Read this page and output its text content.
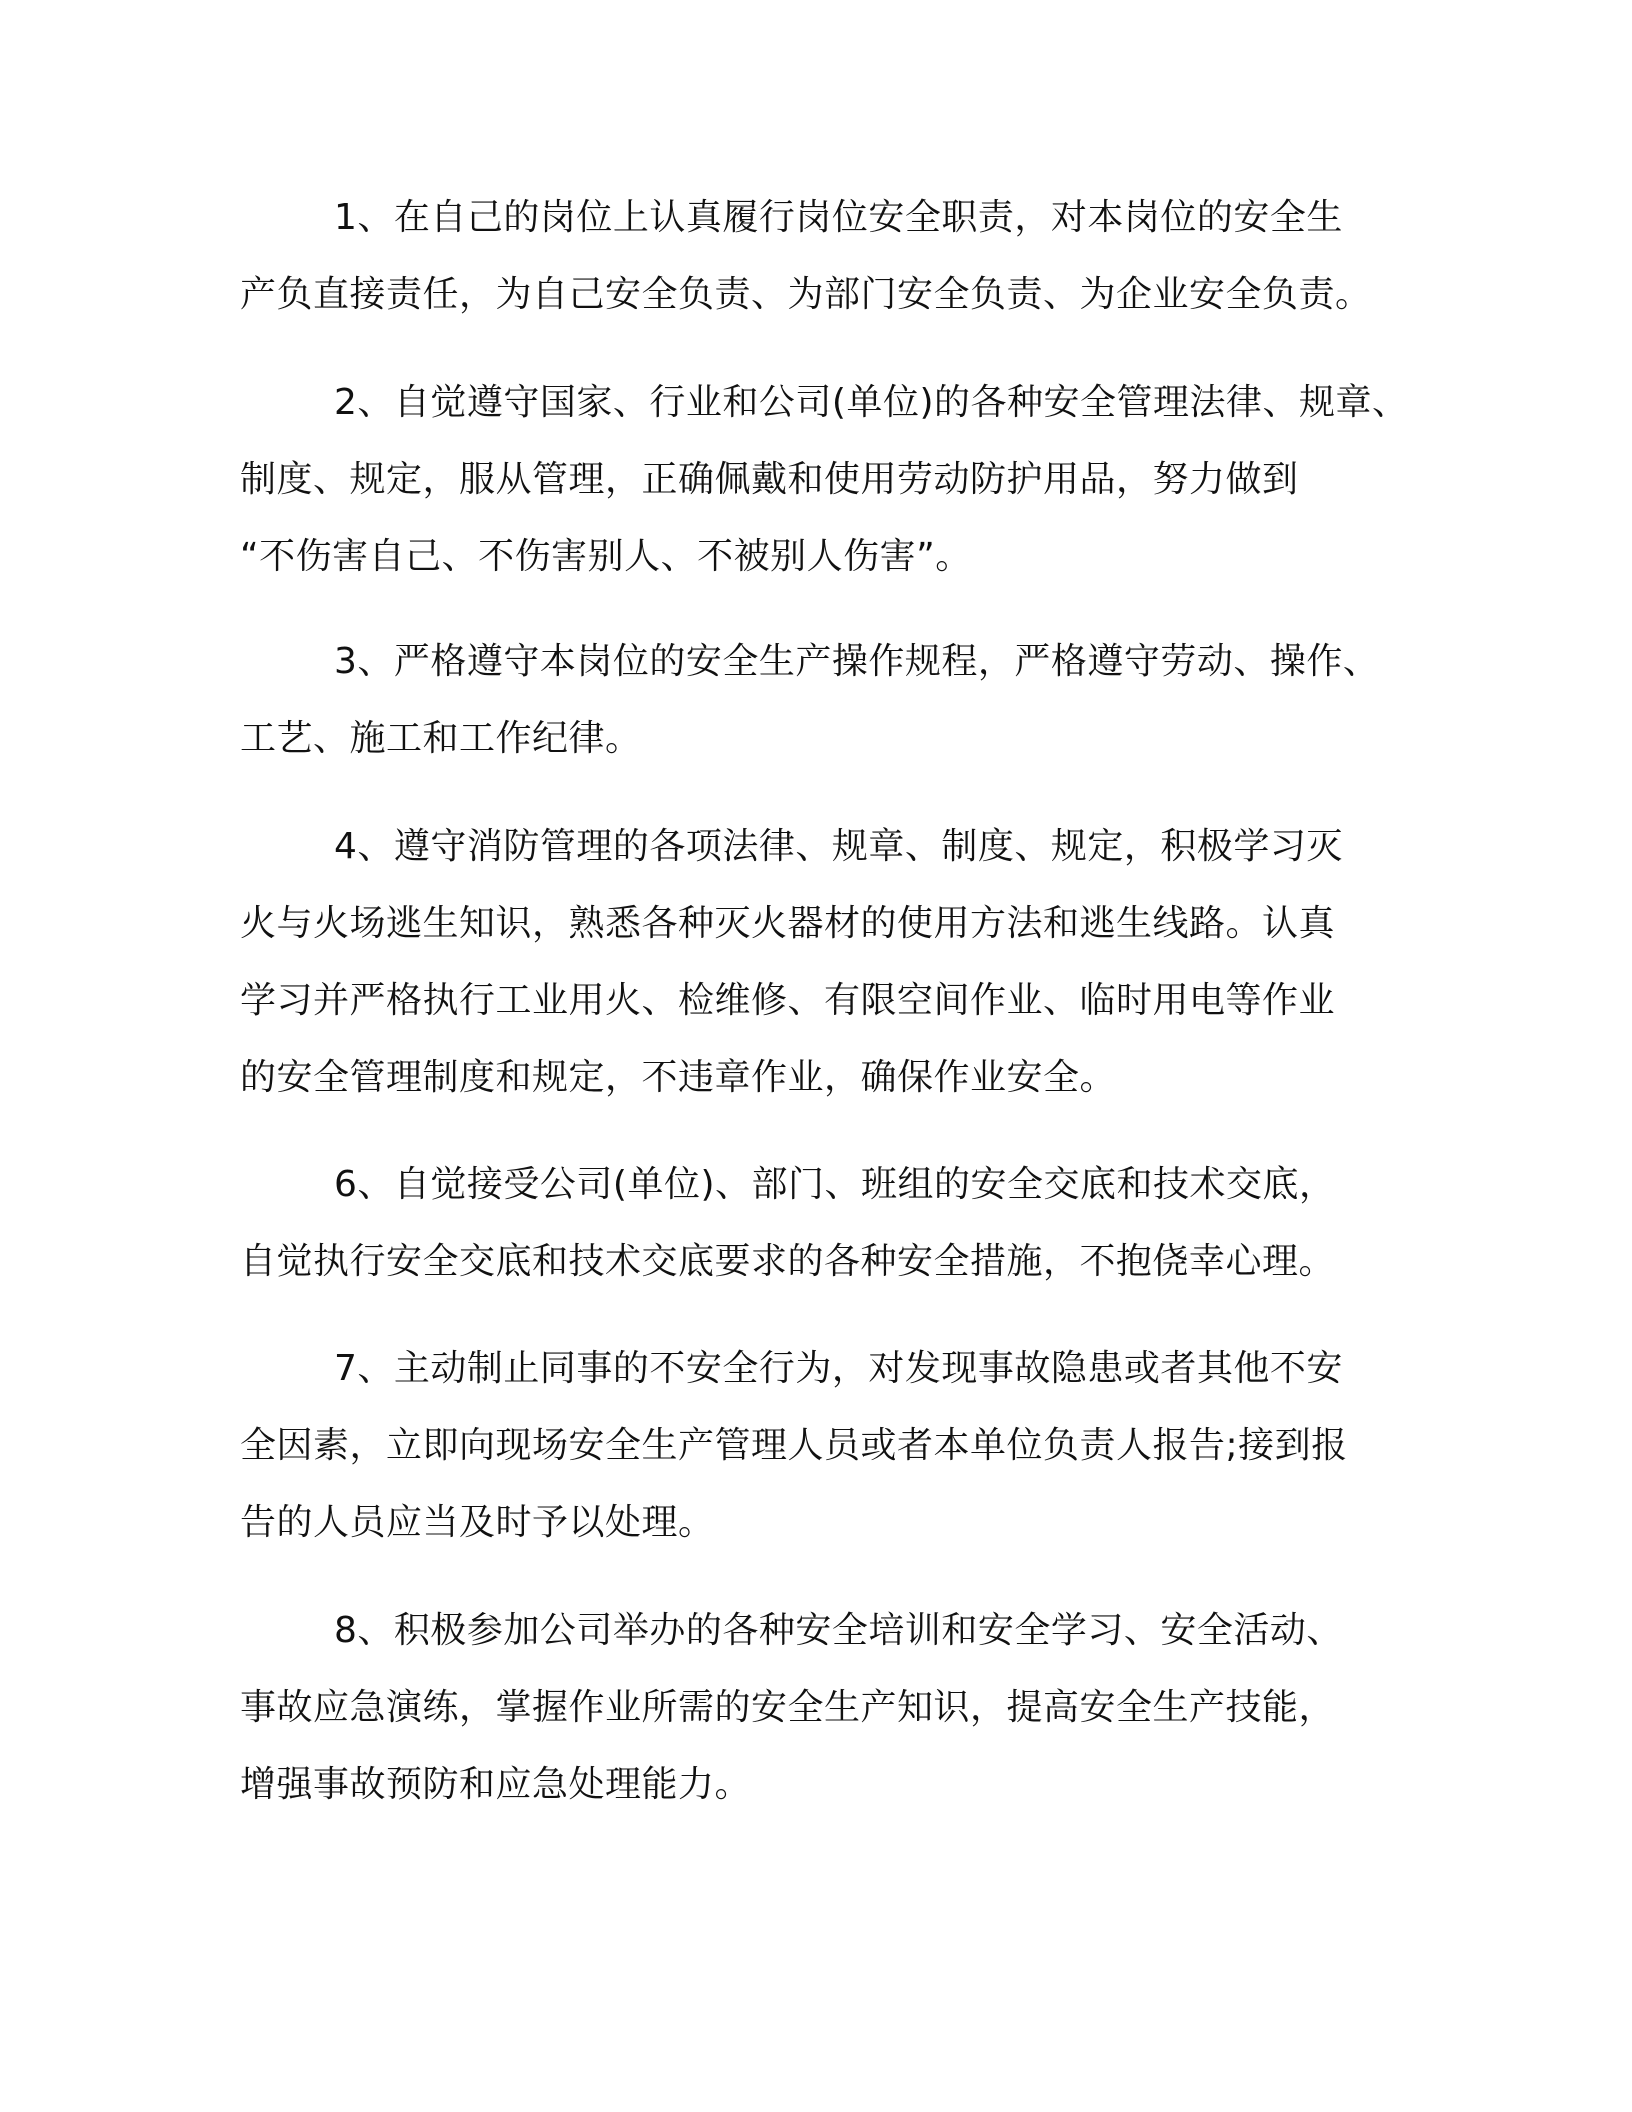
1、在自己的岗位上认真履行岗位安全职责，对本岗位的安全生
产负直接责任，为自己安全负责、为部门安全负责、为企业安全负责。
2、自觉遵守国家、行业和公司(单位)的各种安全管理法律、规章、
制度、规定，服从管理，正确佩戴和使用劳动防护用品，努力做到
“不伤害自己、不伤害别人、不被别人伤害”。
3、严格遵守本岗位的安全生产操作规程，严格遵守劳动、操作、
工艺、施工和工作纪律。
4、遵守消防管理的各项法律、规章、制度、规定，积极学习灭
火与火场逃生知识，熟悉各种灭火器材的使用方法和逃生线路。认真
学习并严格执行工业用火、检维修、有限空间作业、临时用电等作业
的安全管理制度和规定，不违章作业，确保作业安全。
6、自觉接受公司(单位)、部门、班组的安全交底和技术交底，
自觉执行安全交底和技术交底要求的各种安全措施，不抱侥幸心理。
7、主动制止同事的不安全行为，对发现事故隐患或者其他不安
全因素，立即向现场安全生产管理人员或者本单位负责人报告;接到报
告的人员应当及时予以处理。
8、积极参加公司举办的各种安全培训和安全学习、安全活动、
事故应急演练，掌握作业所需的安全生产知识，提高安全生产技能，
增强事故预防和应急处理能力。
